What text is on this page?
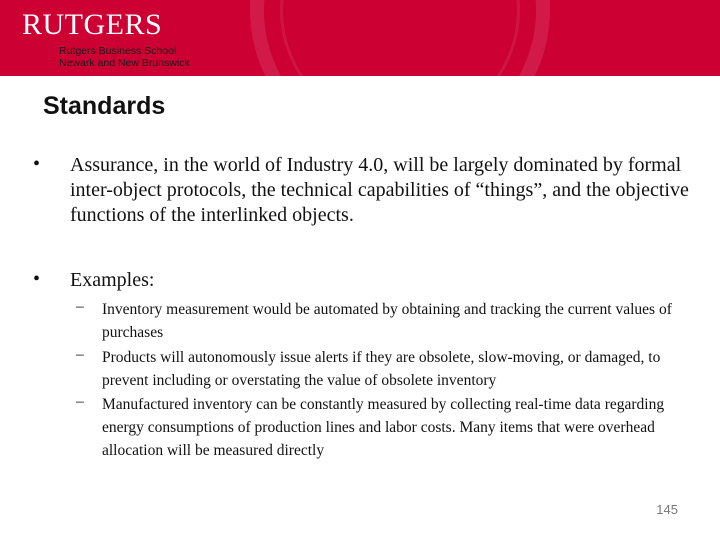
RUTGERS
Rutgers Business School
Newark and New Brunswick
Standards
• Assurance, in the world of Industry 4.0, will be largely dominated by formal inter-object protocols, the technical capabilities of “things”, and the objective functions of the interlinked objects.
• Examples:
– Inventory measurement would be automated by obtaining and tracking the current values of purchases
– Products will autonomously issue alerts if they are obsolete, slow-moving, or damaged, to prevent including or overstating the value of obsolete inventory
– Manufactured inventory can be constantly measured by collecting real-time data regarding energy consumptions of production lines and labor costs. Many items that were overhead allocation will be measured directly
145
